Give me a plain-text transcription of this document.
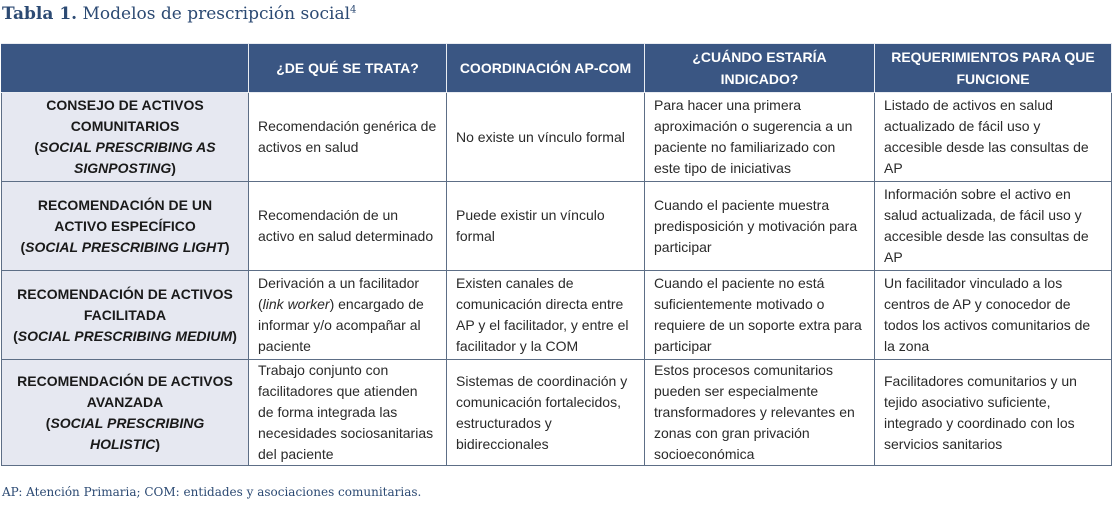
Tabla 1. Modelos de prescripción social$^4$
	¿DE QUÉ SE TRATA?	COORDINACIÓN AP-COM	¿CUÁNDO ESTARÍA INDICADO?	REQUERIMIENTOS PARA QUE FUNCIONE
CONSEJO DE ACTIVOS COMUNITARIOS
(SOCIAL PRESCRIBING AS SIGNPOSTING)	Recomendación genérica de activos en salud	No existe un vínculo formal	Para hacer una primera aproximación o sugerencia a un paciente no familiarizado con este tipo de iniciativas	Listado de activos en salud actualizado de fácil uso y accesible desde las consultas de AP
RECOMENDACIÓN DE UN ACTIVO ESPECÍFICO
(SOCIAL PRESCRIBING LIGHT)	Recomendación de un activo en salud determinado	Puede existir un vínculo formal	Cuando el paciente muestra predisposición y motivación para participar	Información sobre el activo en salud actualizada, de fácil uso y accesible desde las consultas de AP
RECOMENDACIÓN DE ACTIVOS FACILITADA
(SOCIAL PRESCRIBING MEDIUM)	Derivación a un facilitador (link worker) encargado de informar y/o acompañar al paciente	Existen canales de comunicación directa entre AP y el facilitador, y entre el facilitador y la COM	Cuando el paciente no está suficientemente motivado o requiere de un soporte extra para participar	Un facilitador vinculado a los centros de AP y conocedor de todos los activos comunitarios de la zona
RECOMENDACIÓN DE ACTIVOS AVANZADA
(SOCIAL PRESCRIBING HOLISTIC)	Trabajo conjunto con facilitadores que atienden de forma integrada las necesidades sociosanitarias del paciente	Sistemas de coordinación y comunicación fortalecidos, estructurados y bidireccionales	Estos procesos comunitarios pueden ser especialmente transformadores y relevantes en zonas con gran privación socioeconómica	Facilitadores comunitarios y un tejido asociativo suficiente, integrado y coordinado con los servicios sanitarios
AP: Atención Primaria; COM: entidades y asociaciones comunitarias.
